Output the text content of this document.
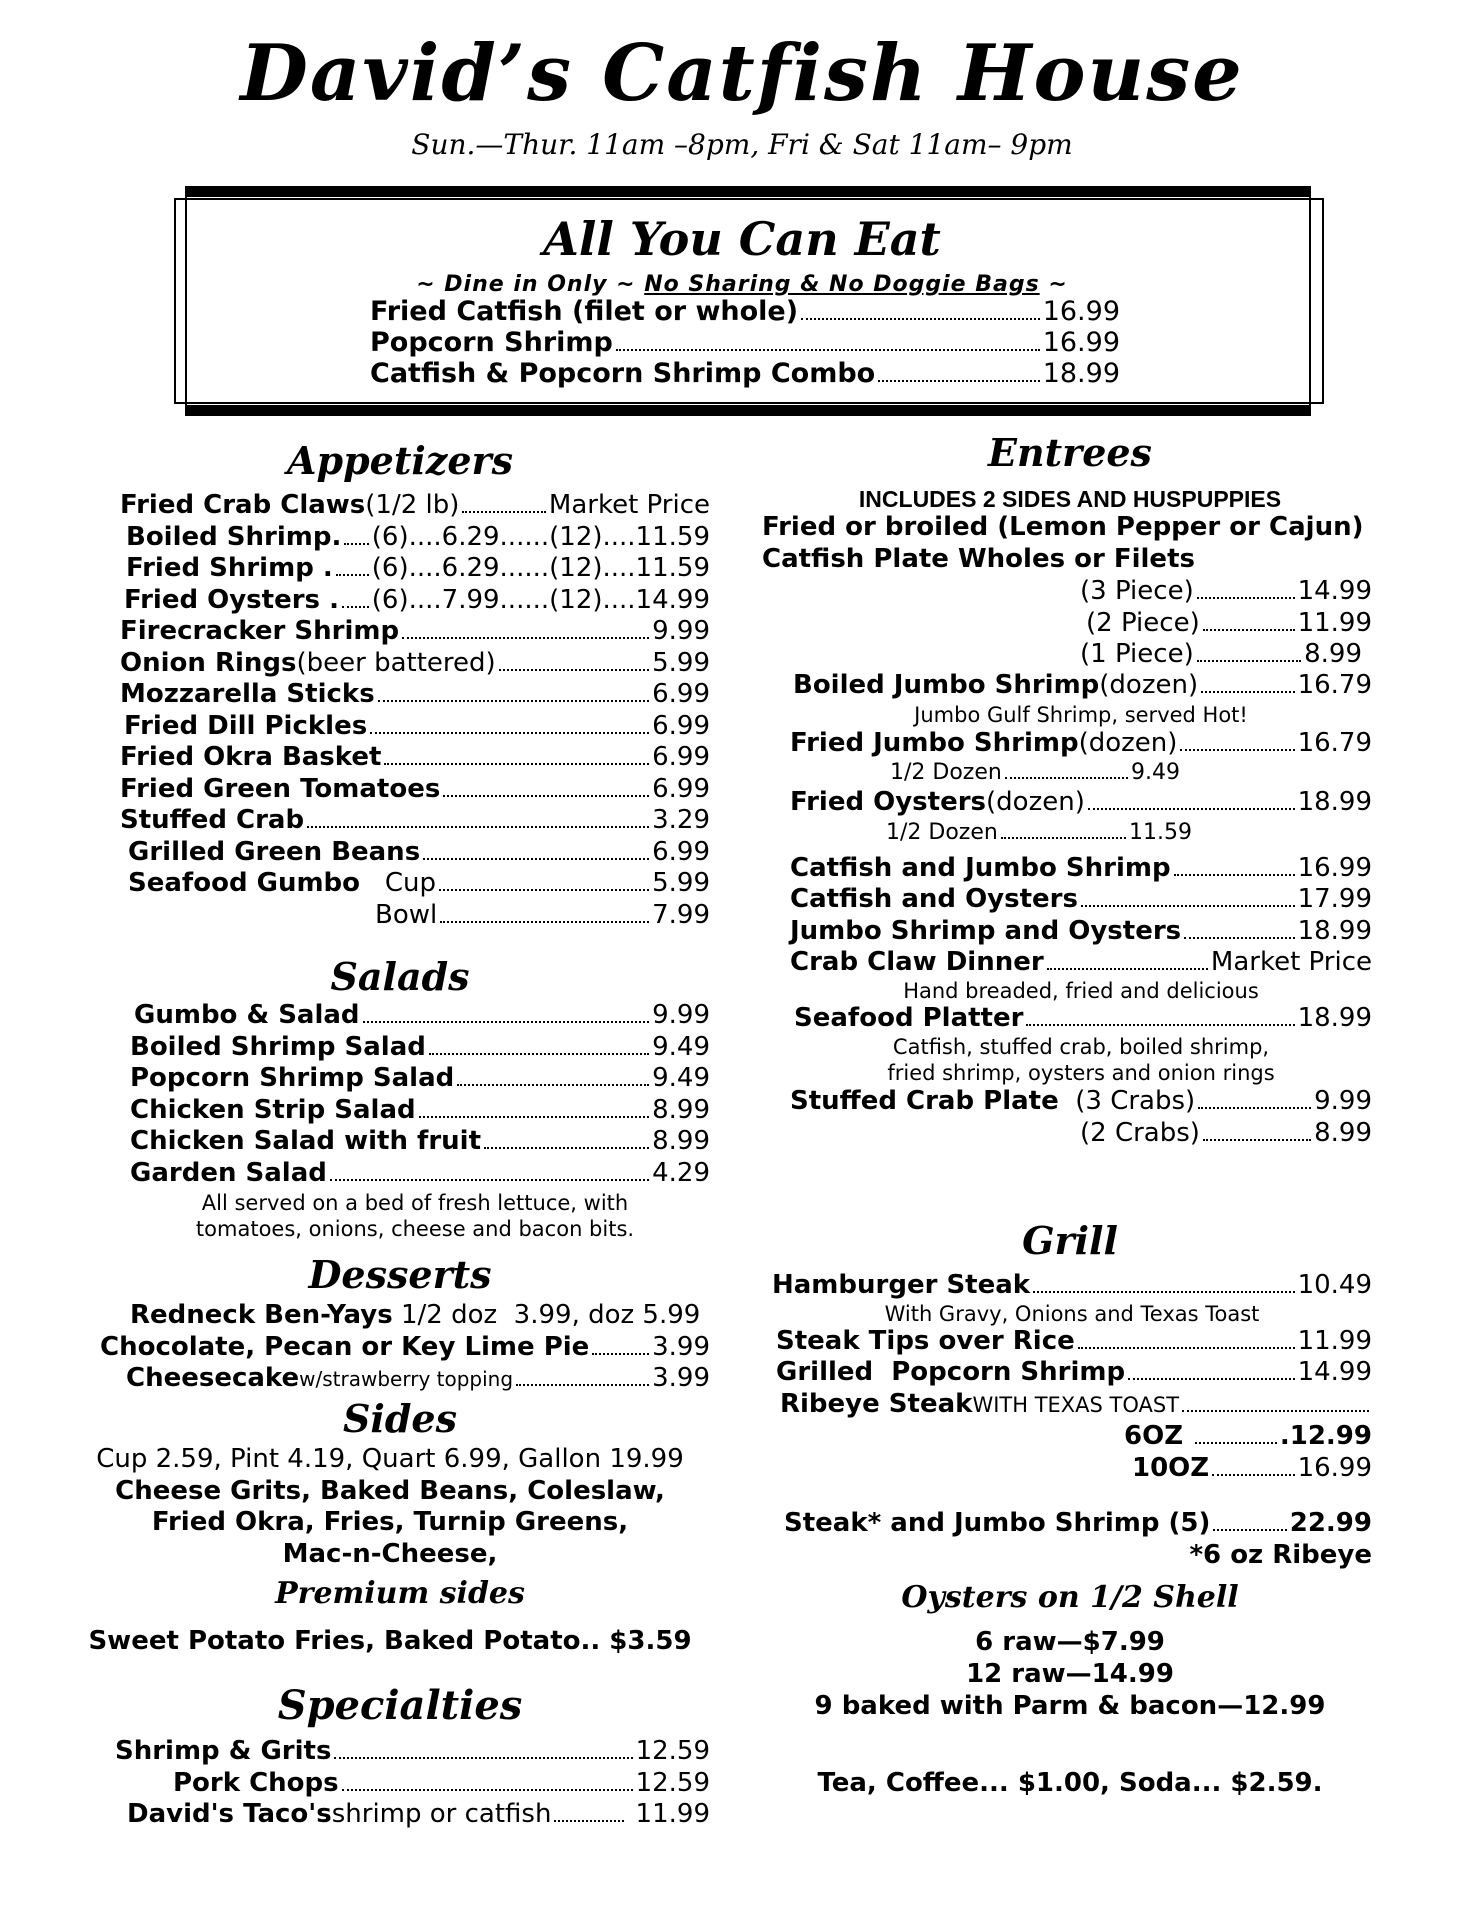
David’s Catfish House
Sun.—Thur. 11am –8pm, Fri & Sat 11am– 9pm
All You Can Eat
~ Dine in Only ~ No Sharing & No Doggie Bags ~
Fried Catfish (filet or whole)	16.99
Popcorn Shrimp	16.99
Catfish & Popcorn Shrimp Combo	18.99
Appetizers
Fried Crab Claws (1/2 lb)	Market Price
Boiled Shrimp. (6)....6.29......(12)....11.59
Fried Shrimp . (6)....6.29......(12)....11.59
Fried Oysters . (6)....7.99......(12)....14.99
Firecracker Shrimp	9.99
Onion Rings (beer battered)	5.99
Mozzarella Sticks	6.99
Fried Dill Pickles	6.99
Fried Okra Basket	6.99
Fried Green Tomatoes	6.99
Stuffed Crab	3.29
Grilled Green Beans	6.99
Seafood Gumbo Cup	5.99
Bowl	7.99
Salads
Gumbo & Salad	9.99
Boiled Shrimp Salad	9.49
Popcorn Shrimp Salad	9.49
Chicken Strip Salad	8.99
Chicken Salad with fruit	8.99
Garden Salad	4.29
All served on a bed of fresh lettuce, with
tomatoes, onions, cheese and bacon bits.
Desserts
Redneck Ben-Yays 1/2 doz  3.99, doz 5.99
Chocolate, Pecan or Key Lime Pie 3.99
Cheesecake w/strawberry topping	3.99
Sides
Cup 2.59, Pint 4.19, Quart 6.99, Gallon 19.99
Cheese Grits, Baked Beans, Coleslaw,
Fried Okra, Fries, Turnip Greens,
Mac-n-Cheese,
Premium sides
Sweet Potato Fries, Baked Potato.. $3.59
Specialties
Shrimp & Grits	12.59
Pork Chops	12.59
David's Taco's shrimp or catfish	11.99
Entrees
INCLUDES 2 SIDES AND HUSPUPPIES
Fried or broiled (Lemon Pepper or Cajun)
Catfish Plate Wholes or Filets
(3 Piece)	14.99
(2 Piece)	11.99
(1 Piece)	8.99
Boiled Jumbo Shrimp (dozen)	16.79
Jumbo Gulf Shrimp, served Hot!
Fried Jumbo Shrimp (dozen)	16.79
1/2 Dozen	9.49
Fried Oysters (dozen)	18.99
1/2 Dozen	11.59
Catfish and Jumbo Shrimp	16.99
Catfish and Oysters	17.99
Jumbo Shrimp and Oysters	18.99
Crab Claw Dinner	Market Price
Hand breaded, fried and delicious
Seafood Platter	18.99
Catfish, stuffed crab, boiled shrimp,
fried shrimp, oysters and onion rings
Stuffed Crab Plate (3 Crabs)	9.99
(2 Crabs)	8.99
Grill
Hamburger Steak	10.49
With Gravy, Onions and Texas Toast
Steak Tips over Rice	11.99
Grilled  Popcorn Shrimp	14.99
Ribeye Steak WITH TEXAS TOAST
6OZ	.12.99
10OZ	16.99
Steak* and Jumbo Shrimp (5)	22.99
*6 oz Ribeye
Oysters on 1/2 Shell
6 raw—$7.99
12 raw—14.99
9 baked with Parm & bacon—12.99
Tea, Coffee... $1.00, Soda... $2.59.
